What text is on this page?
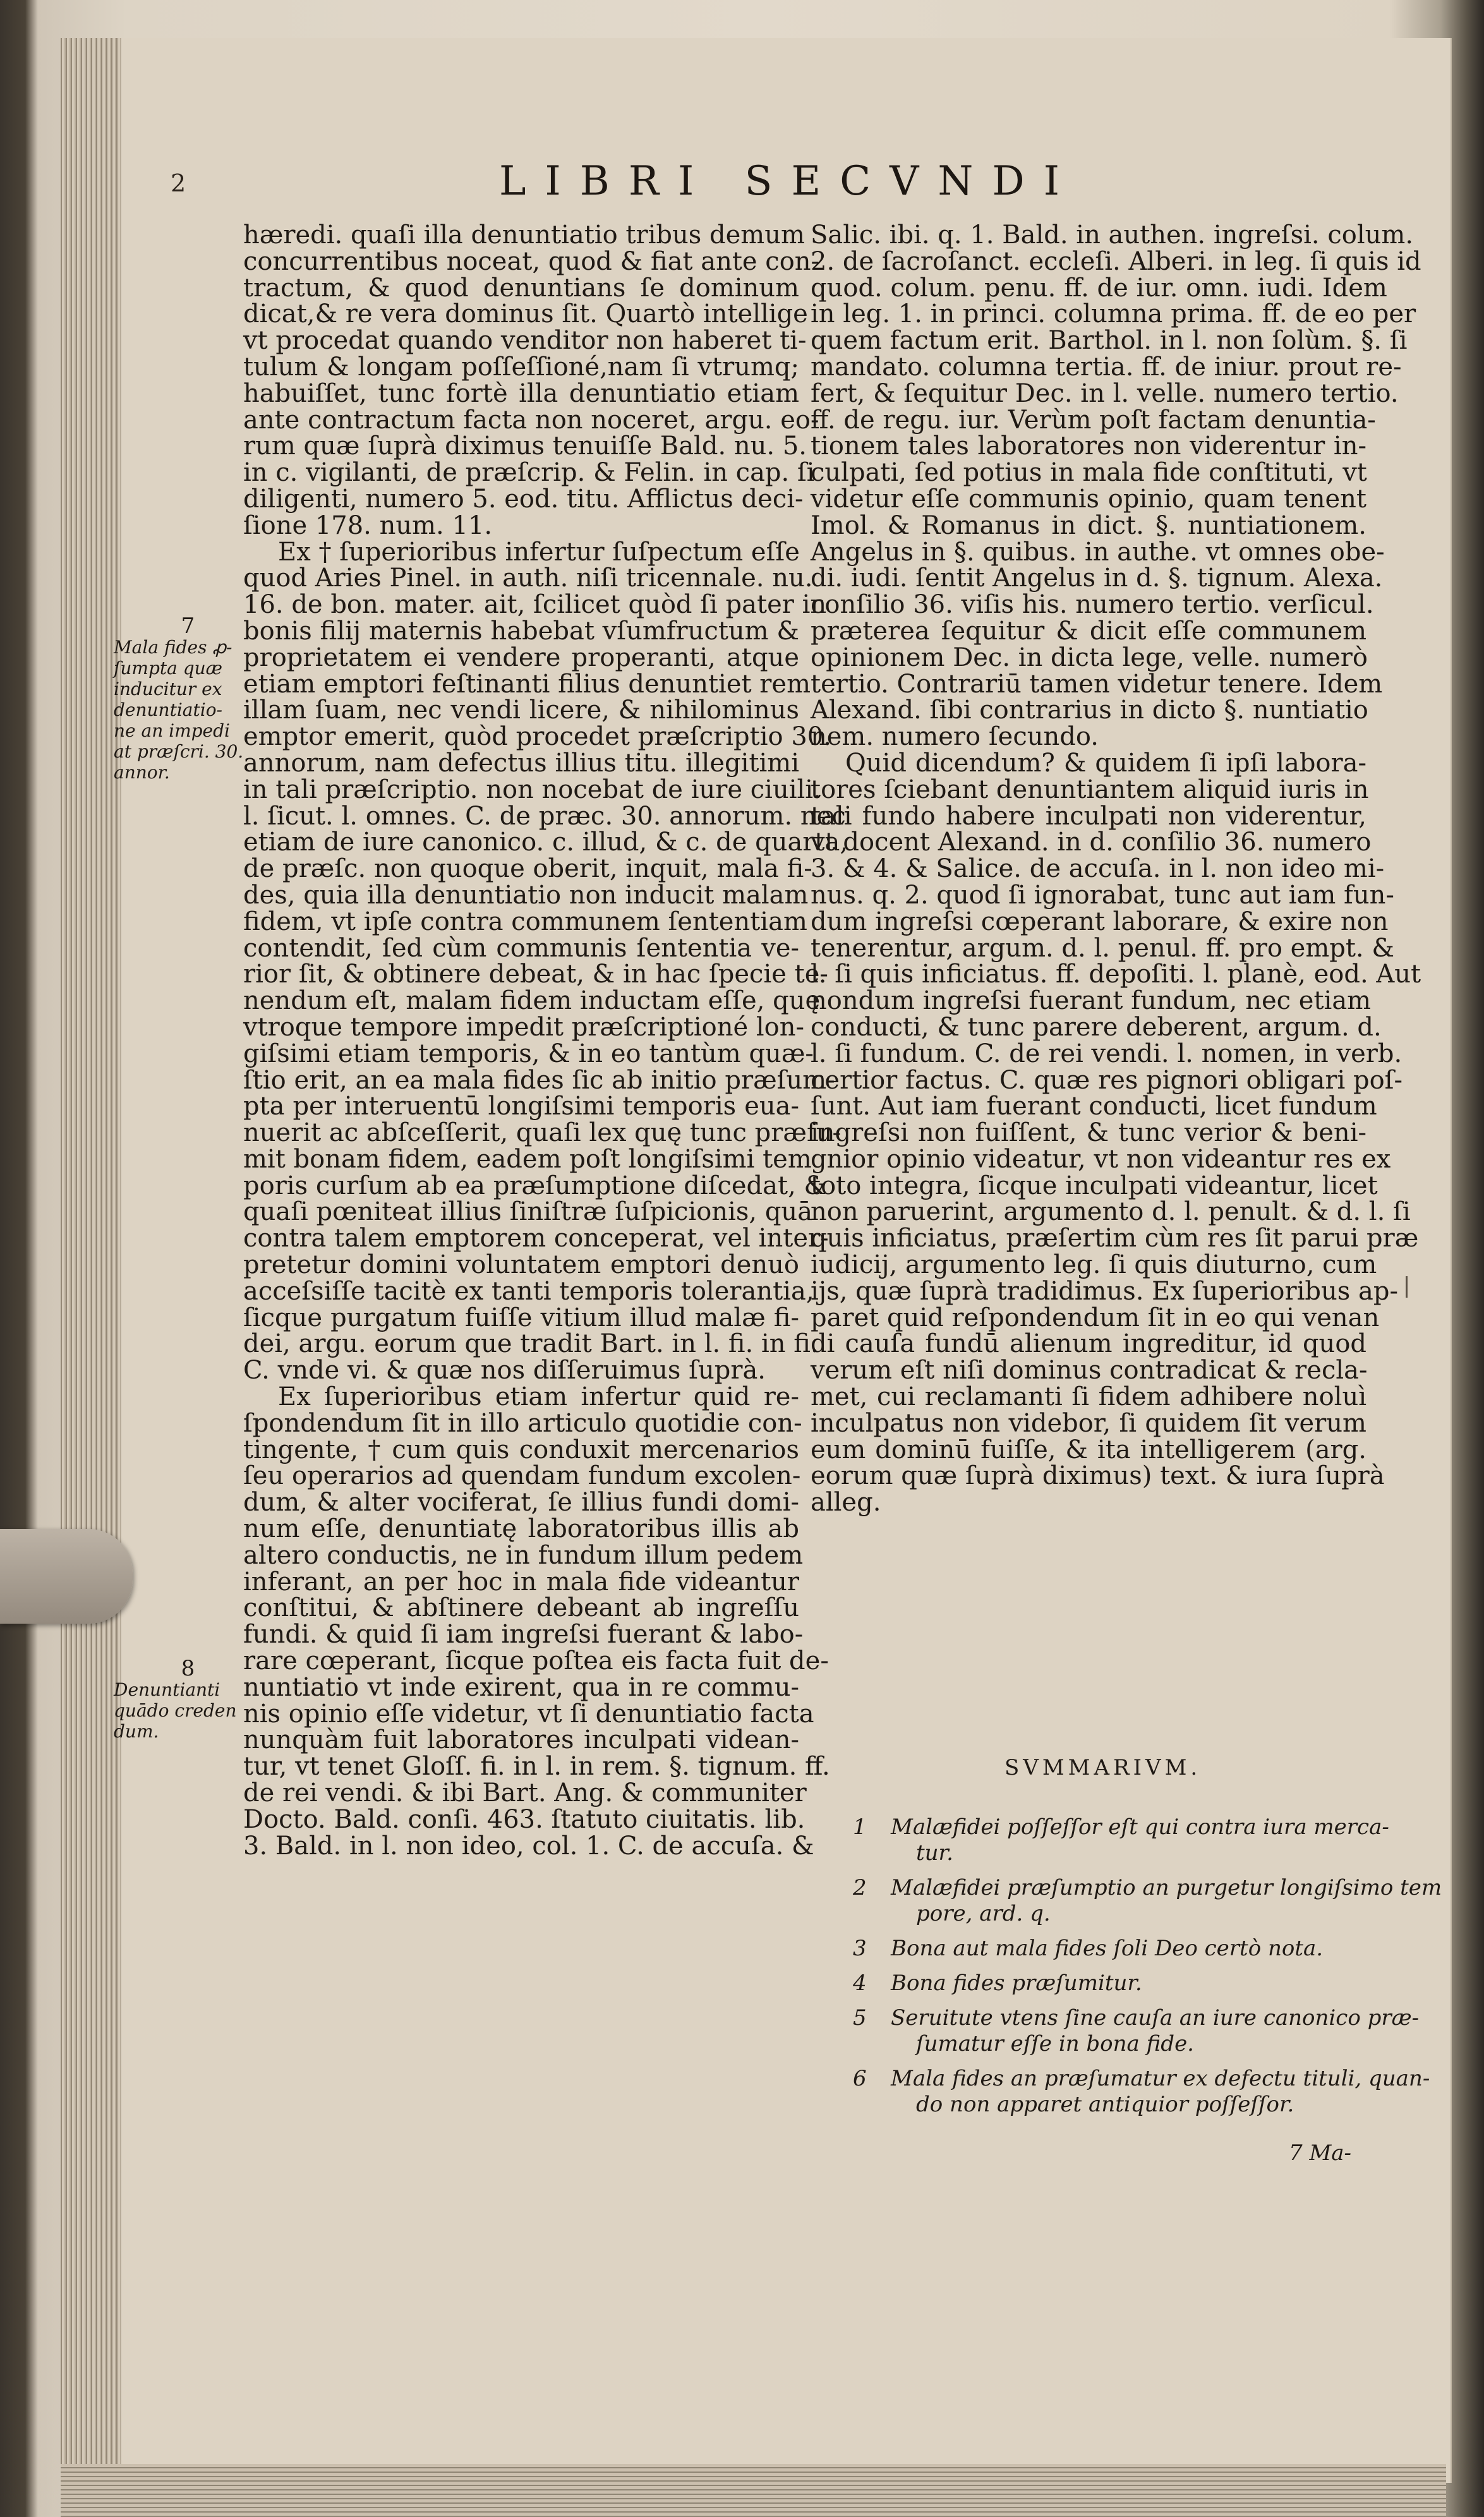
2	LIBRI SECVNDI
hæredi. quaſi illa denuntiatio tribus demum
concurrentibus noceat, quod & fiat ante con-
tractum, & quod denuntians ſe dominum
dicat,& re vera dominus ſit. Quartò intellige
vt procedat quando venditor non haberet ti-
tulum & longam poſſeſſioné,nam ſi vtrumq;
habuiſſet, tunc fortè illa denuntiatio etiam
ante contractum facta non noceret, argu. eo-
rum quæ ſuprà diximus tenuiſſe Bald. nu. 5.
in c. vigilanti, de præſcrip. & Felin. in cap. ſi
diligenti, numero 5. eod. titu. Afflictus deci-
ſione 178. num. 11.
Ex † ſuperioribus infertur ſuſpectum eſſe
quod Aries Pinel. in auth. niſi tricennale. nu.
16. de bon. mater. ait, ſcilicet quòd ſi pater in
bonis filij maternis habebat vſumfructum &
proprietatem ei vendere properanti, atque
etiam emptori feſtinanti filius denuntiet rem
illam ſuam, nec vendi licere, & nihilominus
emptor emerit, quòd procedet præſcriptio 30.
annorum, nam defectus illius titu. illegitimi
in tali præſcriptio. non nocebat de iure ciuili.
l. ſicut. l. omnes. C. de præc. 30. annorum. nec
etiam de iure canonico. c. illud, & c. de quarta,
de præſc. non quoque oberit, inquit, mala fi-
des, quia illa denuntiatio non inducit malam
fidem, vt ipſe contra communem ſententiam
contendit, ſed cùm communis ſententia ve-
rior ſit, & obtinere debeat, & in hac ſpecie te-
nendum eſt, malam fidem inductam eſſe, quę
vtroque tempore impedit præſcriptioné lon-
giſsimi etiam temporis, & in eo tantùm quæ-
ſtio erit, an ea mala fides ſic ab initio præſum-
pta per interuentū longiſsimi temporis eua-
nuerit ac abſceſſerit, quaſi lex quę tunc præſu-
mit bonam fidem, eadem poſt longiſsimi tem
poris curſum ab ea præſumptione diſcedat, &
quaſi pœniteat illius ſiniſtræ ſuſpicionis, quā
contra talem emptorem conceperat, vel inter-
pretetur domini voluntatem emptori denuò
acceſsiſſe tacitè ex tanti temporis tolerantia,
ſicque purgatum fuiſſe vitium illud malæ fi-
dei, argu. eorum que tradit Bart. in l. fi. in fi.
C. vnde vi. & quæ nos diſſeruimus ſuprà.
Ex ſuperioribus etiam infertur quid re-
ſpondendum ſit in illo articulo quotidie con-
tingente, † cum quis conduxit mercenarios
ſeu operarios ad quendam fundum excolen-
dum, & alter vociferat, ſe illius fundi domi-
num eſſe, denuntiatę laboratoribus illis ab
altero conductis, ne in fundum illum pedem
inferant, an per hoc in mala fide videantur
conſtitui, & abſtinere debeant ab ingreſſu
fundi. & quid ſi iam ingreſsi fuerant & labo-
rare cœperant, ſicque poſtea eis facta fuit de-
nuntiatio vt inde exirent, qua in re commu-
nis opinio eſſe videtur, vt ſi denuntiatio facta
nunquàm fuit laboratores inculpati videan-
tur, vt tenet Gloſſ. fi. in l. in rem. §. tignum. ff.
de rei vendi. & ibi Bart. Ang. & communiter
Docto. Bald. conſi. 463. ſtatuto ciuitatis. lib.
3. Bald. in l. non ideo, col. 1. C. de accuſa. &
Salic. ibi. q. 1. Bald. in authen. ingreſsi. colum.
2. de ſacroſanct. eccleſi. Alberi. in leg. ſi quis id
quod. colum. penu. ff. de iur. omn. iudi. Idem
in leg. 1. in princi. columna prima. ff. de eo per
quem factum erit. Barthol. in l. non ſolùm. §. ſi
mandato. columna tertia. ff. de iniur. prout re-
fert, & ſequitur Dec. in l. velle. numero tertio.
ff. de regu. iur. Verùm poſt factam denuntia-
tionem tales laboratores non viderentur in-
culpati, ſed potius in mala fide conſtituti, vt
videtur eſſe communis opinio, quam tenent
Imol. & Romanus in dict. §. nuntiationem.
Angelus in §. quibus. in authe. vt omnes obe-
di. iudi. ſentit Angelus in d. §. tignum. Alexa.
conſilio 36. viſis his. numero tertio. verſicul.
præterea ſequitur & dicit eſſe communem
opinionem Dec. in dicta lege, velle. numerò
tertio. Contrariū tamen videtur tenere. Idem
Alexand. ſibi contrarius in dicto §. nuntiatio
nem. numero ſecundo.
Quid dicendum? & quidem ſi ipſi labora-
tores ſciebant denuntiantem aliquid iuris in
tali fundo habere inculpati non viderentur,
vt docent Alexand. in d. conſilio 36. numero
3. & 4. & Salice. de accuſa. in l. non ideo mi-
nus. q. 2. quod ſi ignorabat, tunc aut iam fun-
dum ingreſsi cœperant laborare, & exire non
tenerentur, argum. d. l. penul. ff. pro empt. &
l. ſi quis inficiatus. ff. depoſiti. l. planè, eod. Aut
nondum ingreſsi fuerant fundum, nec etiam
conducti, & tunc parere deberent, argum. d.
l. ſi fundum. C. de rei vendi. l. nomen, in verb.
certior factus. C. quæ res pignori obligari poſ-
ſunt. Aut iam fuerant conducti, licet fundum
ingreſsi non fuiſſent, & tunc verior & beni-
gnior opinio videatur, vt non videantur res ex
toto integra, ſicque inculpati videantur, licet
non paruerint, argumento d. l. penult. & d. l. ſi
quis inficiatus, præſertim cùm res ſit parui præ
iudicij, argumento leg. ſi quis diuturno, cum
ijs, quæ ſuprà tradidimus. Ex ſuperioribus ap-
paret quid reſpondendum ſit in eo qui venan
di cauſa fundū alienum ingreditur, id quod
verum eſt niſi dominus contradicat & recla-
met, cui reclamanti ſi fidem adhibere noluì
inculpatus non videbor, ſi quidem ſit verum
eum dominū fuiſſe, & ita intelligerem (arg.
eorum quæ ſuprà diximus) text. & iura ſuprà
alleg.
7
Mala fides ꝓ-
ſumpta quæ
inducitur ex
denuntiatio-
ne an impedi
at præſcri. 30.
annor.
8
Denuntianti
quādo creden
dum.
SVMMARIVM.
1 Malæfidei poſſeſſor eſt qui contra iura merca-
tur.
2 Malæfidei præſumptio an purgetur longiſsimo tem
pore, ard. q.
3 Bona aut mala fides ſoli Deo certò nota.
4 Bona fides præſumitur.
5 Seruitute vtens ſine cauſa an iure canonico præ-
ſumatur eſſe in bona fide.
6 Mala fides an præſumatur ex defectu tituli, quan-
do non apparet antiquior poſſeſſor.
7 Ma-
